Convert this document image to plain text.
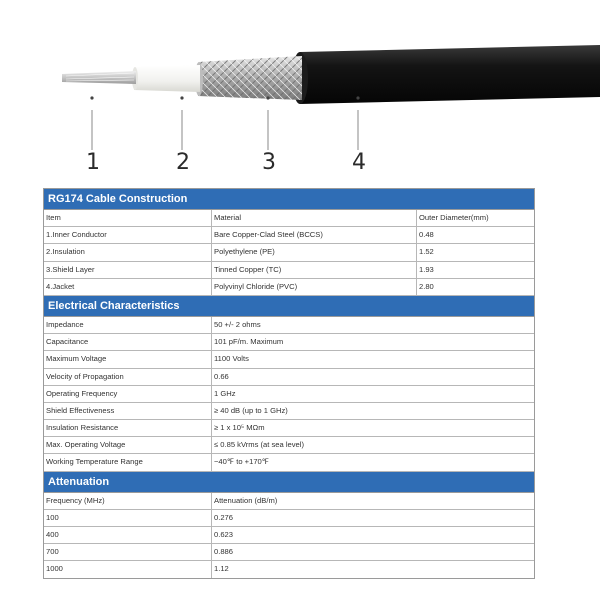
1	2	3	4
RG174 Cable Construction
Item	Material	Outer Diameter(mm)
1.Inner Conductor	Bare Copper-Clad Steel (BCCS)	0.48
2.Insulation	Polyethylene (PE)	1.52
3.Shield Layer	Tinned Copper (TC)	1.93
4.Jacket	Polyvinyl Chloride (PVC)	2.80
Electrical Characteristics
Impedance	50 +/- 2 ohms
Capacitance	101 pF/m. Maximum
Maximum Voltage	1100 Volts
Velocity of Propagation	0.66
Operating Frequency	1 GHz
Shield Effectiveness	≥ 40 dB (up to 1 GHz)
Insulation Resistance	≥ 1 x 10⁵ MΩm
Max. Operating Voltage	≤ 0.85 kVrms (at sea level)
Working Temperature Range	−40℉ to +170℉
Attenuation
Frequency (MHz)	Attenuation (dB/m)
100	0.276
400	0.623
700	0.886
1000	1.12
